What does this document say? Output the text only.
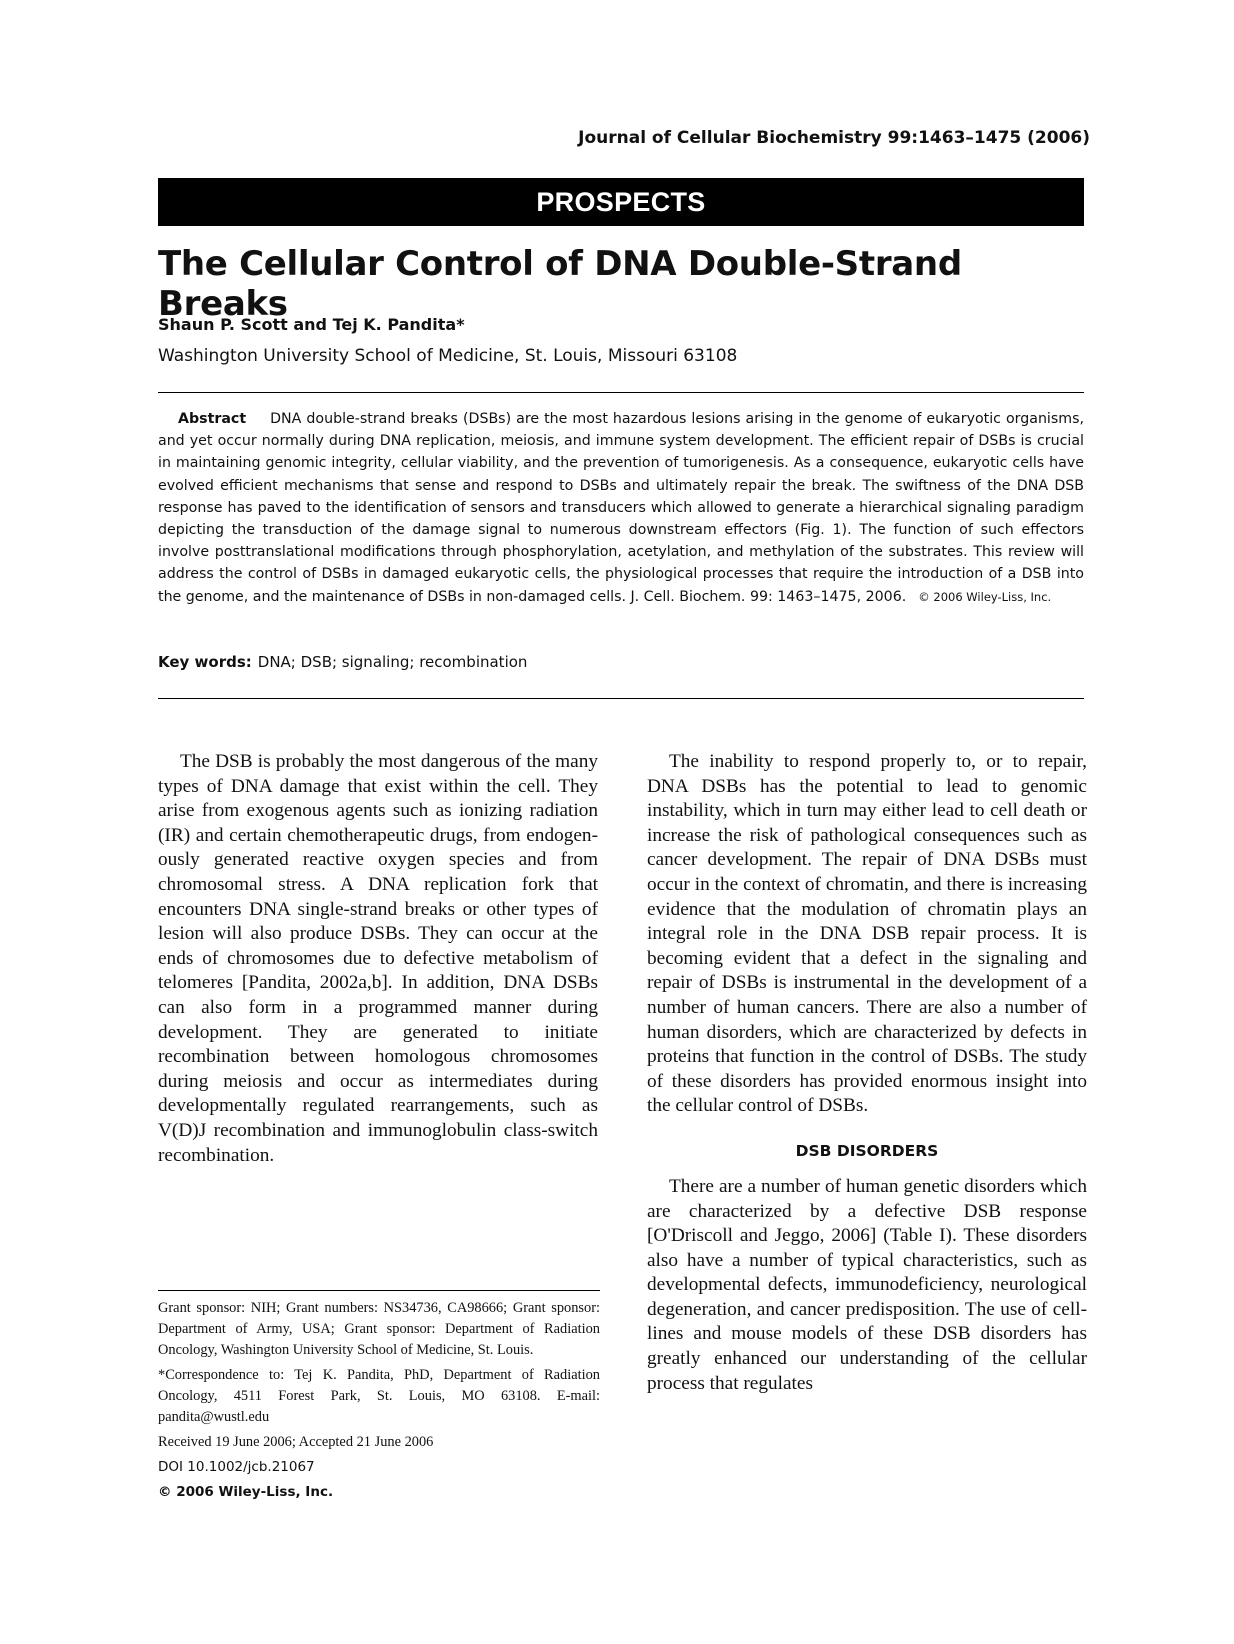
Journal of Cellular Biochemistry 99:1463–1475 (2006)
PROSPECTS
The Cellular Control of DNA Double-Strand Breaks
Shaun P. Scott and Tej K. Pandita*
Washington University School of Medicine, St. Louis, Missouri 63108

Abstract DNA double-strand breaks (DSBs) are the most hazardous lesions arising in the genome of eukaryotic organisms, and yet occur normally during DNA replication, meiosis, and immune system development. The efficient repair of DSBs is crucial in maintaining genomic integrity, cellular viability, and the prevention of tumorigenesis. As a consequence, eukaryotic cells have evolved efficient mechanisms that sense and respond to DSBs and ultimately repair the break. The swiftness of the DNA DSB response has paved to the identification of sensors and transducers which allowed to generate a hierarchical signaling paradigm depicting the transduction of the damage signal to numerous downstream effectors (Fig. 1). The function of such effectors involve posttranslational modifications through phosphorylation, acetylation, and methylation of the substrates. This review will address the control of DSBs in damaged eukaryotic cells, the physiological processes that require the introduction of a DSB into the genome, and the maintenance of DSBs in non-damaged cells. J. Cell. Biochem. 99: 1463–1475, 2006. © 2006 Wiley-Liss, Inc.

Key words: DNA; DSB; signaling; recombination

The DSB is probably the most dangerous of the many types of DNA damage that exist within the cell. They arise from exogenous agents such as ionizing radiation (IR) and certain chemotherapeutic drugs, from endogenously generated reactive oxygen species and from chromosomal stress. A DNA replication fork that encounters DNA single-strand breaks or other types of lesion will also produce DSBs. They can occur at the ends of chromosomes due to defective metabolism of telomeres [Pandita, 2002a,b]. In addition, DNA DSBs can also form in a programmed manner during development. They are generated to initiate recombination between homologous chromosomes during meiosis and occur as intermediates during developmentally regulated rearrangements, such as V(D)J recombination and immunoglobulin class-switch recombination.

The inability to respond properly to, or to repair, DNA DSBs has the potential to lead to genomic instability, which in turn may either lead to cell death or increase the risk of pathological consequences such as cancer development. The repair of DNA DSBs must occur in the context of chromatin, and there is increasing evidence that the modulation of chromatin plays an integral role in the DNA DSB repair process. It is becoming evident that a defect in the signaling and repair of DSBs is instrumental in the development of a number of human cancers. There are also a number of human disorders, which are characterized by defects in proteins that function in the control of DSBs. The study of these disorders has provided enormous insight into the cellular control of DSBs.

DSB DISORDERS

There are a number of human genetic disorders which are characterized by a defective DSB response [O'Driscoll and Jeggo, 2006] (Table I). These disorders also have a number of typical characteristics, such as developmental defects, immunodeficiency, neurological degeneration, and cancer predisposition. The use of cell-lines and mouse models of these DSB disorders has greatly enhanced our understanding of the cellular process that regulates

Grant sponsor: NIH; Grant numbers: NS34736, CA98666; Grant sponsor: Department of Army, USA; Grant sponsor: Department of Radiation Oncology, Washington University School of Medicine, St. Louis.

*Correspondence to: Tej K. Pandita, PhD, Department of Radiation Oncology, 4511 Forest Park, St. Louis, MO 63108. E-mail: pandita@wustl.edu

Received 19 June 2006; Accepted 21 June 2006

DOI 10.1002/jcb.21067

© 2006 Wiley-Liss, Inc.
